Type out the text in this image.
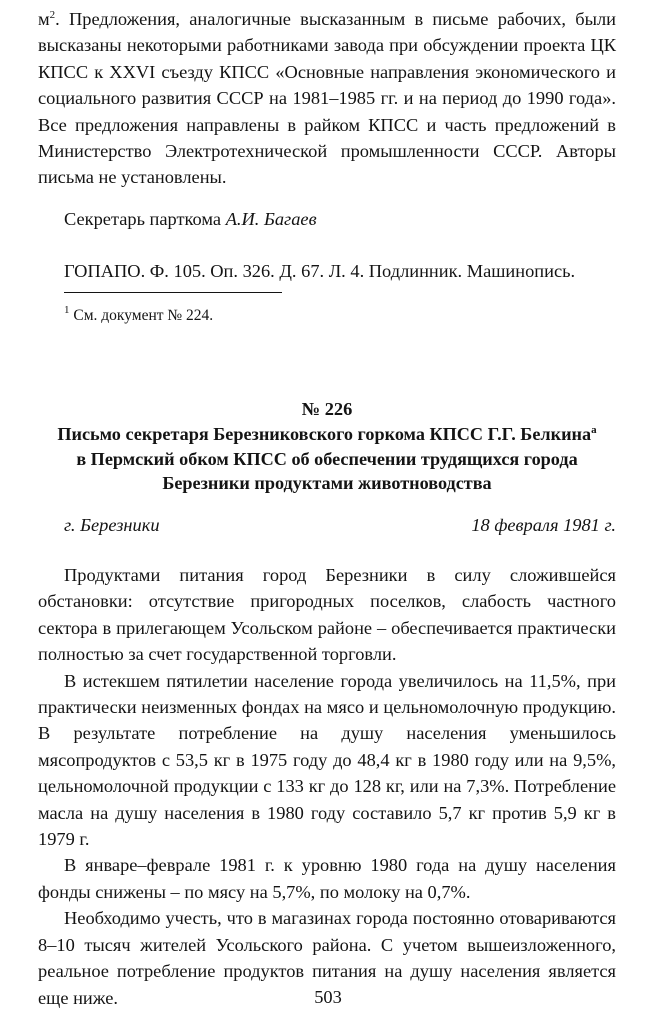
$м^2$. Предложения, аналогичные высказанным в письме рабочих, были высказаны некоторыми работниками завода при обсуждении проекта ЦК КПСС к XXVI съезду КПСС «Основные направления экономического и социального развития СССР на 1981–1985 гг. и на период до 1990 года». Все предложения направлены в райком КПСС и часть предложений в Министерство Электротехнической промышленности СССР. Авторы письма не установлены.

Секретарь парткома А.И. Багаев
ГОПАПО. Ф. 105. Оп. 326. Д. 67. Л. 4. Подлинник. Машинопись.
$^1$ См. документ № 224.
№ 226
Письмо секретаря Березниковского горкома КПСС Г.Г. Белкина$^а$
в Пермский обком КПСС об обеспечении трудящихся города
Березники продуктами животноводства
г. Березники	18 февраля 1981 г.

Продуктами питания город Березники в силу сложившейся обстановки: отсутствие пригородных поселков, слабость частного сектора в прилегающем Усольском районе – обеспечивается практически полностью за счет государственной торговли.

В истекшем пятилетии население города увеличилось на 11,5%, при практически неизменных фондах на мясо и цельномолочную продукцию. В результате потребление на душу населения уменьшилось мясопродуктов с 53,5 кг в 1975 году до 48,4 кг в 1980 году или на 9,5%, цельномолочной продукции с 133 кг до 128 кг, или на 7,3%. Потребление масла на душу населения в 1980 году составило 5,7 кг против 5,9 кг в 1979 г.

В январе–феврале 1981 г. к уровню 1980 года на душу населения фонды снижены – по мясу на 5,7%, по молоку на 0,7%.

Необходимо учесть, что в магазинах города постоянно отовариваются 8–10 тысяч жителей Усольского района. С учетом вышеизложенного, реальное потребление продуктов питания на душу населения является еще ниже.	503
